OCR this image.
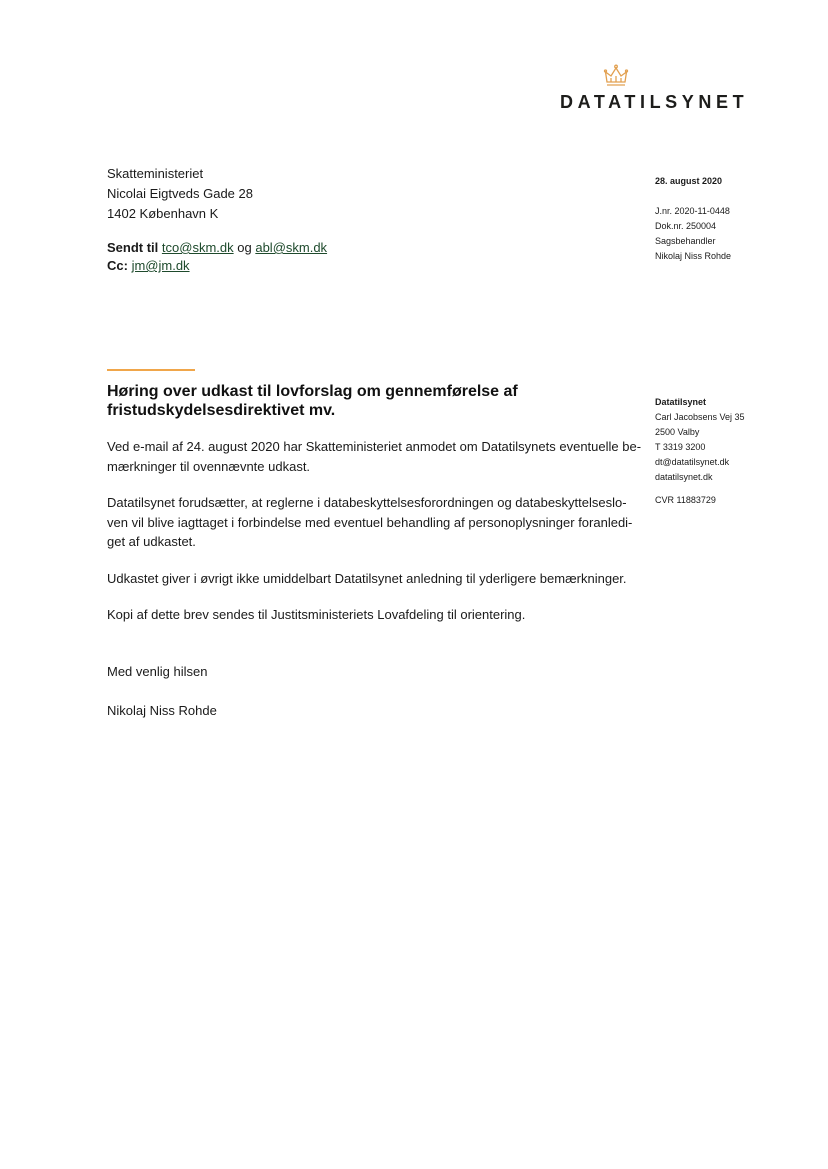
DATATILSYNET
Skatteministeriet
Nicolai Eigtveds Gade 28
1402 København K
Sendt til tco@skm.dk og abl@skm.dk
Cc: jm@jm.dk
28. august 2020
J.nr. 2020-11-0448
Dok.nr. 250004
Sagsbehandler
Nikolaj Niss Rohde
Datatilsynet
Carl Jacobsens Vej 35
2500 Valby
T 3319 3200
dt@datatilsynet.dk
datatilsynet.dk
CVR 11883729
Høring over udkast til lovforslag om gennemførelse af
fristudskydelsesdirektivet mv.

Ved e-mail af 24. august 2020 har Skatteministeriet anmodet om Datatilsynets eventuelle be-
mærkninger til ovennævnte udkast.

Datatilsynet forudsætter, at reglerne i databeskyttelsesforordningen og databeskyttelseslo-
ven vil blive iagttaget i forbindelse med eventuel behandling af personoplysninger foranledi-
get af udkastet.

Udkastet giver i øvrigt ikke umiddelbart Datatilsynet anledning til yderligere bemærkninger.

Kopi af dette brev sendes til Justitsministeriets Lovafdeling til orientering.

Med venlig hilsen
Nikolaj Niss Rohde
